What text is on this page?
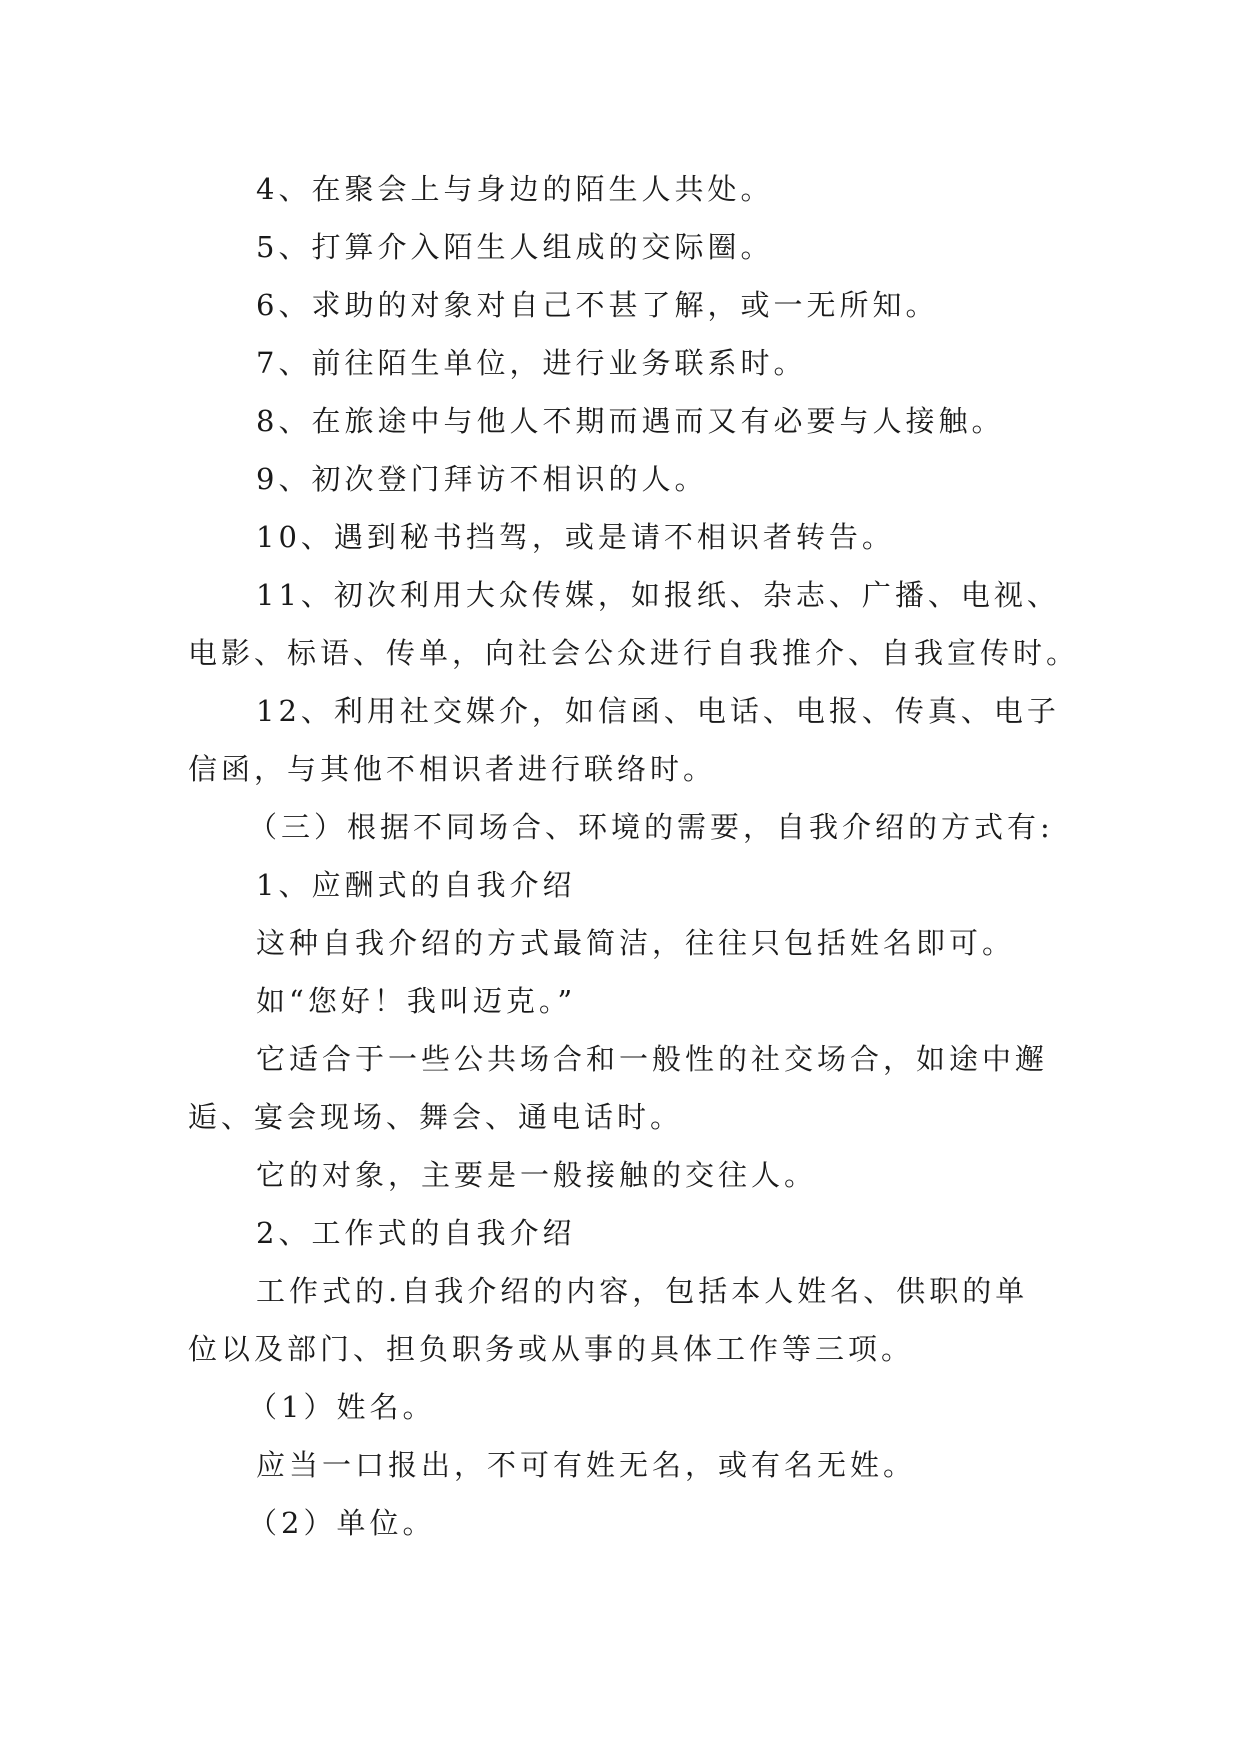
4、在聚会上与身边的陌生人共处。

5、打算介入陌生人组成的交际圈。

6、求助的对象对自己不甚了解，或一无所知。

7、前往陌生单位，进行业务联系时。

8、在旅途中与他人不期而遇而又有必要与人接触。

9、初次登门拜访不相识的人。

10、遇到秘书挡驾，或是请不相识者转告。

11、初次利用大众传媒，如报纸、杂志、广播、电视、

电影、标语、传单，向社会公众进行自我推介、自我宣传时。

12、利用社交媒介，如信函、电话、电报、传真、电子

信函，与其他不相识者进行联络时。

（三）根据不同场合、环境的需要，自我介绍的方式有:

1、应酬式的自我介绍

这种自我介绍的方式最简洁，往往只包括姓名即可。

如“您好！我叫迈克。”

它适合于一些公共场合和一般性的社交场合，如途中邂

逅、宴会现场、舞会、通电话时。

它的对象，主要是一般接触的交往人。

2、工作式的自我介绍

工作式的.自我介绍的内容，包括本人姓名、供职的单

位以及部门、担负职务或从事的具体工作等三项。

（1）姓名。

应当一口报出，不可有姓无名，或有名无姓。

（2）单位。
